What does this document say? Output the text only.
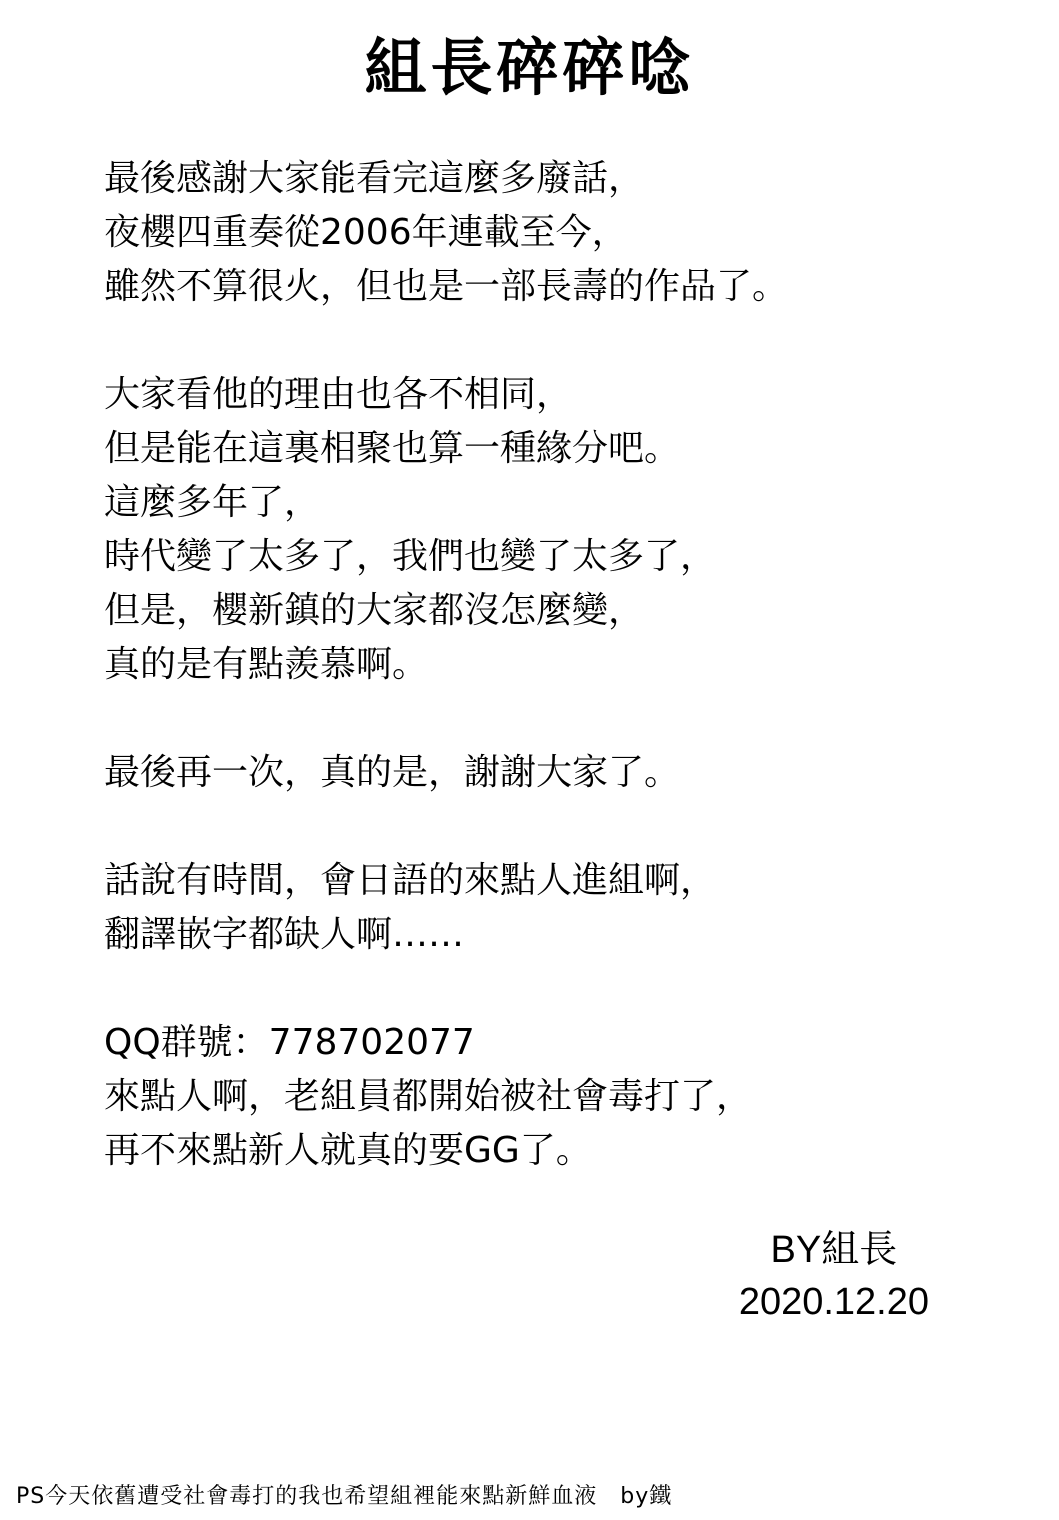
組長碎碎唸
最後感謝大家能看完這麼多廢話，
夜櫻四重奏從2006年連載至今，
雖然不算很火，但也是一部長壽的作品了。
大家看他的理由也各不相同，
但是能在這裏相聚也算一種緣分吧。
這麼多年了，
時代變了太多了，我們也變了太多了，
但是，櫻新鎮的大家都沒怎麼變，
真的是有點羨慕啊。
最後再一次，真的是，謝謝大家了。
話說有時間，會日語的來點人進組啊，
翻譯嵌字都缺人啊……
QQ群號：778702077
來點人啊，老組員都開始被社會毒打了，
再不來點新人就真的要GG了。
BY組長
2020.12.20
PS今天依舊遭受社會毒打的我也希望組裡能來點新鮮血液　by鐵
